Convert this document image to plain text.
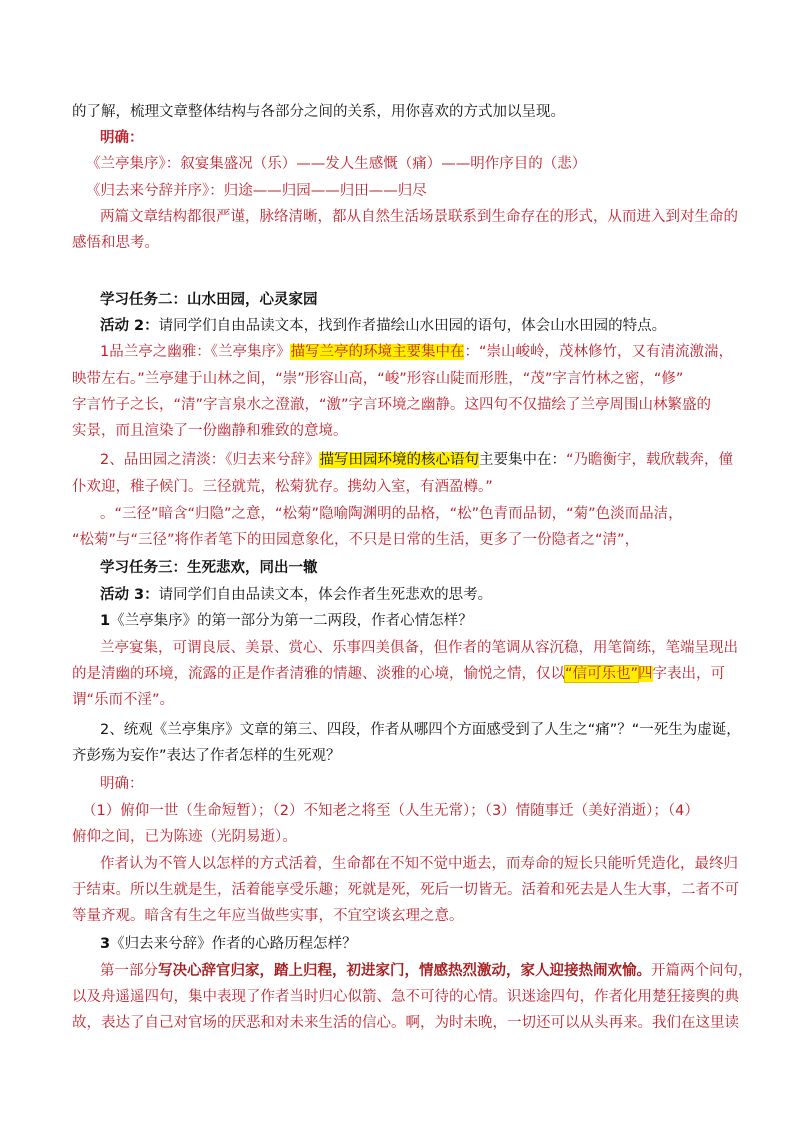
的了解，梳理文章整体结构与各部分之间的关系，用你喜欢的方式加以呈现。
明确：
《兰亭集序》：叙宴集盛况（乐）——发人生感慨（痛）——明作序目的（悲）
《归去来兮辞并序》：归途——归园——归田——归尽
两篇文章结构都很严谨，脉络清晰，都从自然生活场景联系到生命存在的形式，从而进入到对生命的
感悟和思考。
学习任务二：山水田园，心灵家园
活动 2：请同学们自由品读文本，找到作者描绘山水田园的语句，体会山水田园的特点。
1品兰亭之幽雅：《兰亭集序》描写兰亭的环境主要集中在：“崇山峻岭，茂林修竹，又有清流激湍，
映带左右。”兰亭建于山林之间，“崇”形容山高，“峻”形容山陡而形胜，“茂”字言竹林之密，“修”
字言竹子之长，“清”字言泉水之澄澈，“激”字言环境之幽静。这四句不仅描绘了兰亭周围山林繁盛的
实景，而且渲染了一份幽静和雅致的意境。
2、品田园之清淡：《归去来兮辞》描写田园环境的核心语句主要集中在：“乃瞻衡宇，载欣载奔，僮
仆欢迎，稚子候门。三径就荒，松菊犹存。携幼入室，有酒盈樽。”
。“三径”暗含“归隐”之意，“松菊”隐喻陶渊明的品格，“松”色青而品韧，“菊”色淡而品洁，
“松菊”与“三径”将作者笔下的田园意象化，不只是日常的生活，更多了一份隐者之“清”，
学习任务三：生死悲欢，同出一辙
活动 3：请同学们自由品读文本，体会作者生死悲欢的思考。
1《兰亭集序》的第一部分为第一二两段，作者心情怎样？
兰亭宴集，可谓良辰、美景、赏心、乐事四美俱备，但作者的笔调从容沉稳，用笔简练，笔端呈现出
的是清幽的环境，流露的正是作者清雅的情趣、淡雅的心境，愉悦之情，仅以“信可乐也”四字表出，可
谓“乐而不淫”。
2、统观《兰亭集序》文章的第三、四段，作者从哪四个方面感受到了人生之“痛”？“一死生为虚诞，
齐彭殇为妄作”表达了作者怎样的生死观？
明确：
（1）俯仰一世（生命短暂）；（2）不知老之将至（人生无常）；（3）情随事迁（美好消逝）；（4）
俯仰之间，已为陈迹（光阴易逝）。
作者认为不管人以怎样的方式活着，生命都在不知不觉中逝去，而寿命的短长只能听凭造化，最终归
于结束。所以生就是生，活着能享受乐趣；死就是死，死后一切皆无。活着和死去是人生大事，二者不可
等量齐观。暗含有生之年应当做些实事，不宜空谈玄理之意。
3《归去来兮辞》作者的心路历程怎样？
第一部分写决心辞官归家，踏上归程，初进家门，情感热烈激动，家人迎接热闹欢愉。开篇两个问句，
以及舟遥遥四句，集中表现了作者当时归心似箭、急不可待的心情。识迷途四句，作者化用楚狂接舆的典
故，表达了自己对官场的厌恶和对未来生活的信心。啊，为时未晚，一切还可以从头再来。我们在这里读
